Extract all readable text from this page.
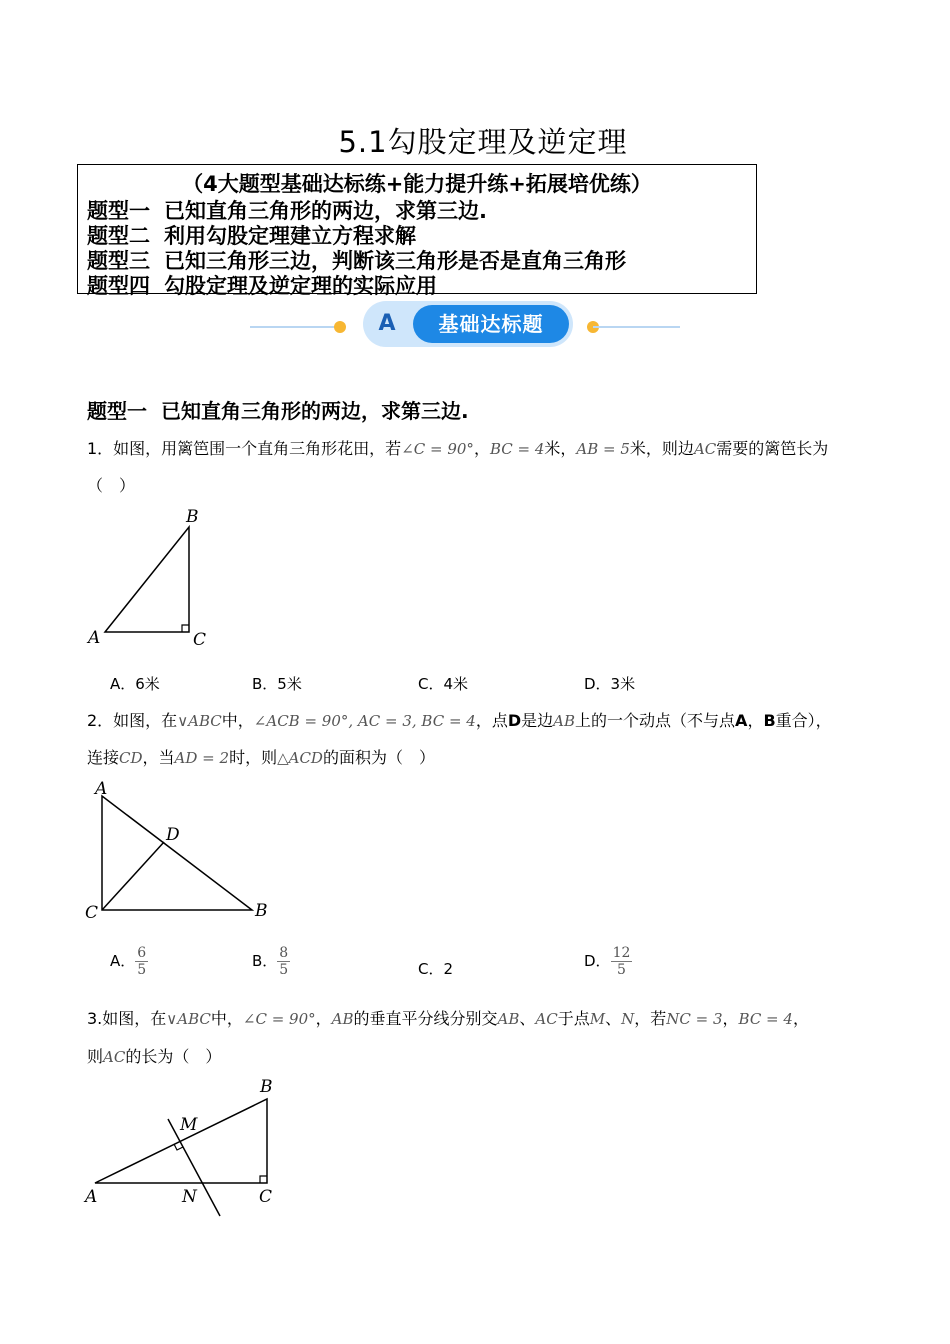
5.1勾股定理及逆定理
（4大题型基础达标练+能力提升练+拓展培优练）
题型一 已知直角三角形的两边，求第三边.
题型二 利用勾股定理建立方程求解
题型三 已知三角形三边，判断该三角形是否是直角三角形
题型四 勾股定理及逆定理的实际应用
A	基础达标题
题型一 已知直角三角形的两边，求第三边.
1．如图，用篱笆围一个直角三角形花田，若∠C = 90°，BC = 4米，AB = 5米，则边AC需要的篱笆长为
（　）
A
B
C
A．6米	B．5米	C．4米	D．3米
2．如图，在∨ABC中，∠ACB = 90°, AC = 3, BC = 4，点D是边AB上的一个动点（不与点A，B重合），
连接CD，当AD = 2时，则△ACD的面积为（　）
A
D
C	B
A． $\frac{6}{5}$	B． $\frac{8}{5}$	C．2	D． $\frac{12}{5}$
3.如图，在∨ABC中，∠C = 90°，AB的垂直平分线分别交AB、AC于点M、N，若NC = 3，BC = 4，
则AC的长为（　）
A
B
C
M
N
